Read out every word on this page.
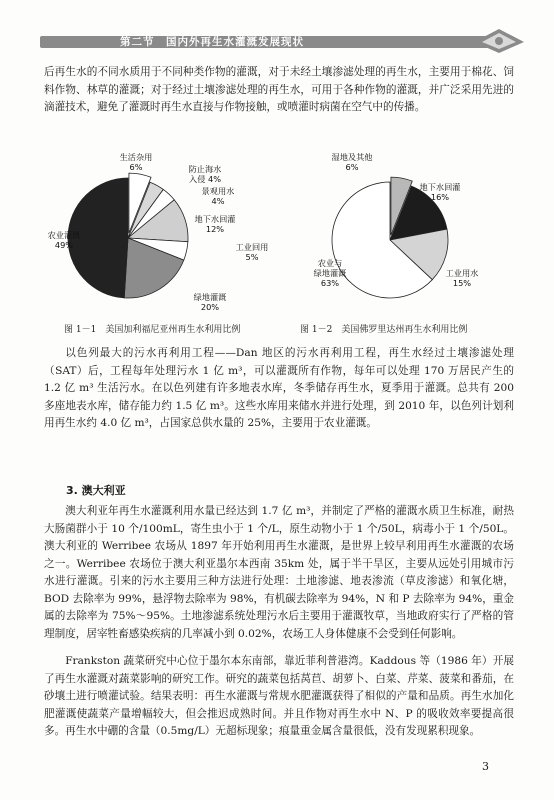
第二节　国内外再生水灌溉发展现状

后再生水的不同水质用于不同种类作物的灌溉，对于未经土壤渗滤处理的再生水，主要用于棉花、饲料作物、林草的灌溉；对于经过土壤渗滤处理的再生水，可用于各种作物的灌溉，并广泛采用先进的滴灌技术，避免了灌溉时再生水直接与作物接触，或喷灌时病菌在空气中的传播。

生活杂用 6%	防止海水入侵 4%
景观用水 4%
地下水回灌 12%
工业回用 5%
绿地灌溉 20%
农业灌溉 49%
湿地及其他 6%
地下水回灌 16%
工业用水 15%
农业与绿地灌溉 63%
图 1－1　美国加利福尼亚州再生水利用比例	图 1－2　美国佛罗里达州再生水利用比例

以色列最大的污水再利用工程——Dan 地区的污水再利用工程，再生水经过土壤渗滤处理（SAT）后，工程每年处理污水 1 亿 m³，可以灌溉所有作物，每年可以处理 170 万居民产生的 1.2 亿 m³ 生活污水。在以色列建有许多地表水库，冬季储存再生水，夏季用于灌溉。总共有 200 多座地表水库，储存能力约 1.5 亿 m³。这些水库用来储水并进行处理，到 2010 年，以色列计划利用再生水约 4.0 亿 m³，占国家总供水量的 25%，主要用于农业灌溉。

3. 澳大利亚

澳大利亚年再生水灌溉利用水量已经达到 1.7 亿 m³，并制定了严格的灌溉水质卫生标准，耐热大肠菌群小于 10 个/100mL，寄生虫小于 1 个/L，原生动物小于 1 个/50L，病毒小于 1 个/50L。澳大利亚的 Werribee 农场从 1897 年开始利用再生水灌溉，是世界上较早利用再生水灌溉的农场之一。Werribee 农场位于澳大利亚墨尔本西南 35km 处，属于半干旱区，主要从远处引用城市污水进行灌溉。引来的污水主要用三种方法进行处理：土地渗滤、地表渗流（草皮渗滤）和氧化塘，BOD 去除率为 99%，悬浮物去除率为 98%，有机碳去除率为 94%，N 和 P 去除率为 94%，重金属的去除率为 75%～95%。土地渗滤系统处理污水后主要用于灌溉牧草，当地政府实行了严格的管理制度，居宰牲畜感染疾病的几率减小到 0.02%，农场工人身体健康不会受到任何影响。

Frankston 蔬菜研究中心位于墨尔本东南部，靠近菲利普港湾。Kaddous 等（1986 年）开展了再生水灌溉对蔬菜影响的研究工作。研究的蔬菜包括莴苣、胡萝卜、白菜、芹菜、菠菜和番茄，在砂壤土进行喷灌试验。结果表明：再生水灌溉与常规水肥灌溉获得了相似的产量和品质。再生水加化肥灌溉使蔬菜产量增幅较大，但会推迟成熟时间。并且作物对再生水中 N、P 的吸收效率要提高很多。再生水中硼的含量（0.5mg/L）无超标现象；痕量重金属含量很低，没有发现累积现象。

3
